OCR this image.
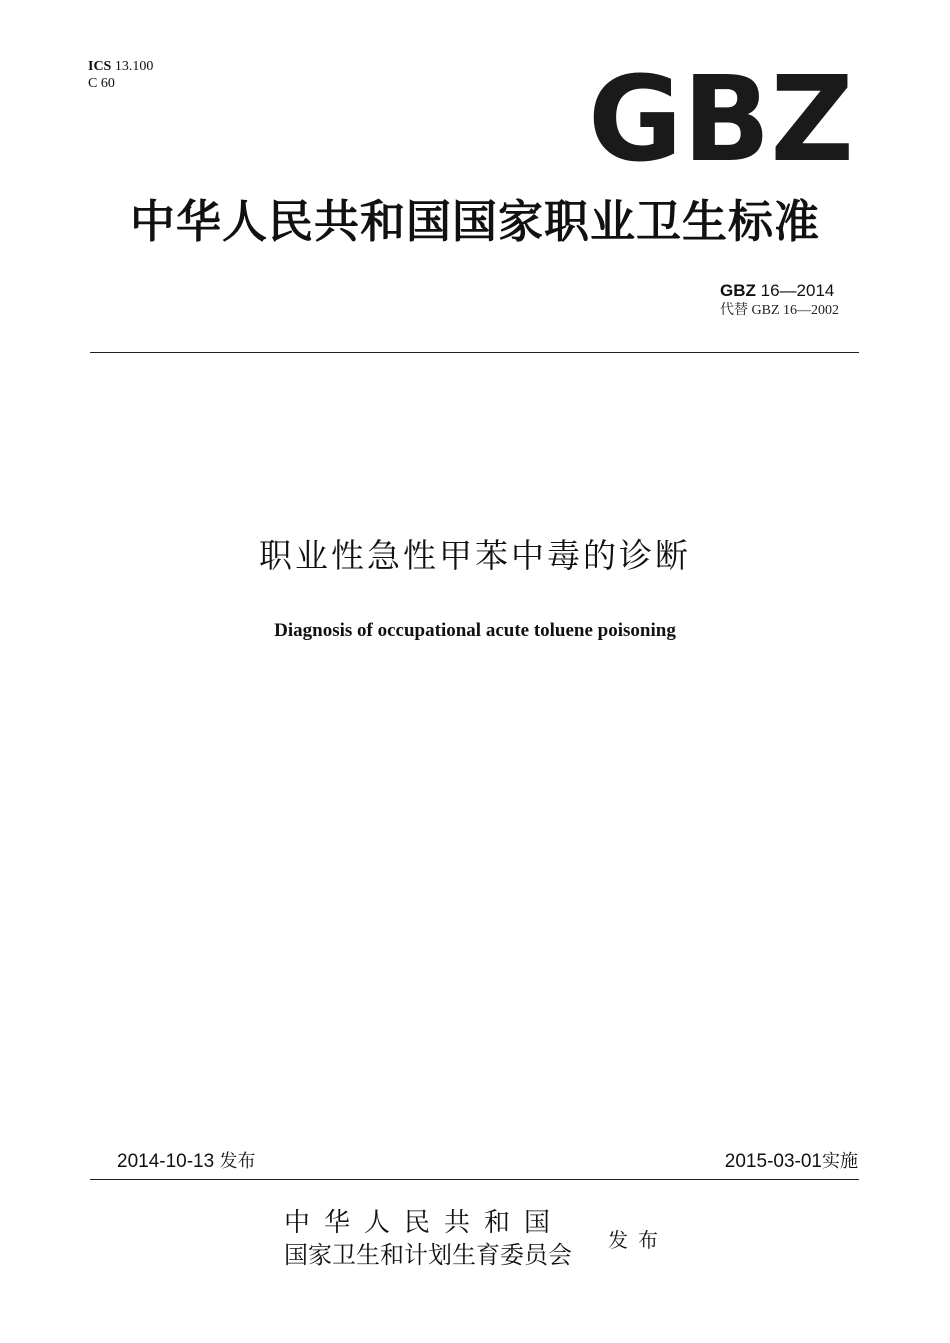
ICS 13.100
C 60	GBZ
中华人民共和国国家职业卫生标准
GBZ 16—2014
代替 GBZ 16—2002
职业性急性甲苯中毒的诊断
Diagnosis of occupational acute toluene poisoning
2014-10-13 发布	2015-03-01实施
中华人民共和国
国家卫生和计划生育委员会
发布
